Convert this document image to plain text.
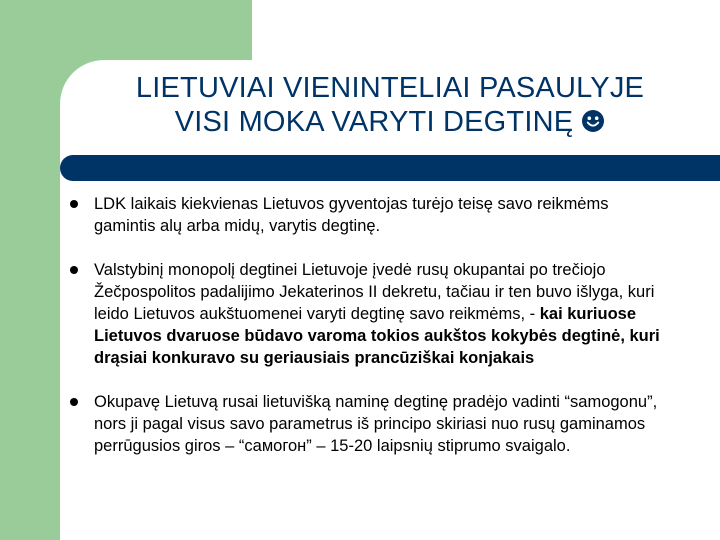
LIETUVIAI VIENINTELIAI PASAULYJE
VISI MOKA VARYTI DEGTINĘ
LDK laikais kiekvienas Lietuvos gyventojas turėjo teisę savo reikmėms gamintis alų arba midų, varytis degtinę.
Valstybinį monopolį degtinei Lietuvoje įvedė rusų okupantai po trečiojo Žečpospolitos padalijimo Jekaterinos II dekretu, tačiau ir ten buvo išlyga, kuri leido Lietuvos aukštuomenei varyti degtinę savo reikmėms, - kai kuriuose Lietuvos dvaruose būdavo varoma tokios aukštos kokybės degtinė, kuri drąsiai konkuravo su geriausiais prancūziškai konjakais
Okupavę Lietuvą rusai lietuvišką naminę degtinę pradėjo vadinti “samogonu”, nors ji pagal visus savo parametrus iš principo skiriasi nuo rusų gaminamos perrūgusios giros – “самогон” – 15-20 laipsnių stiprumo svaigalo.
